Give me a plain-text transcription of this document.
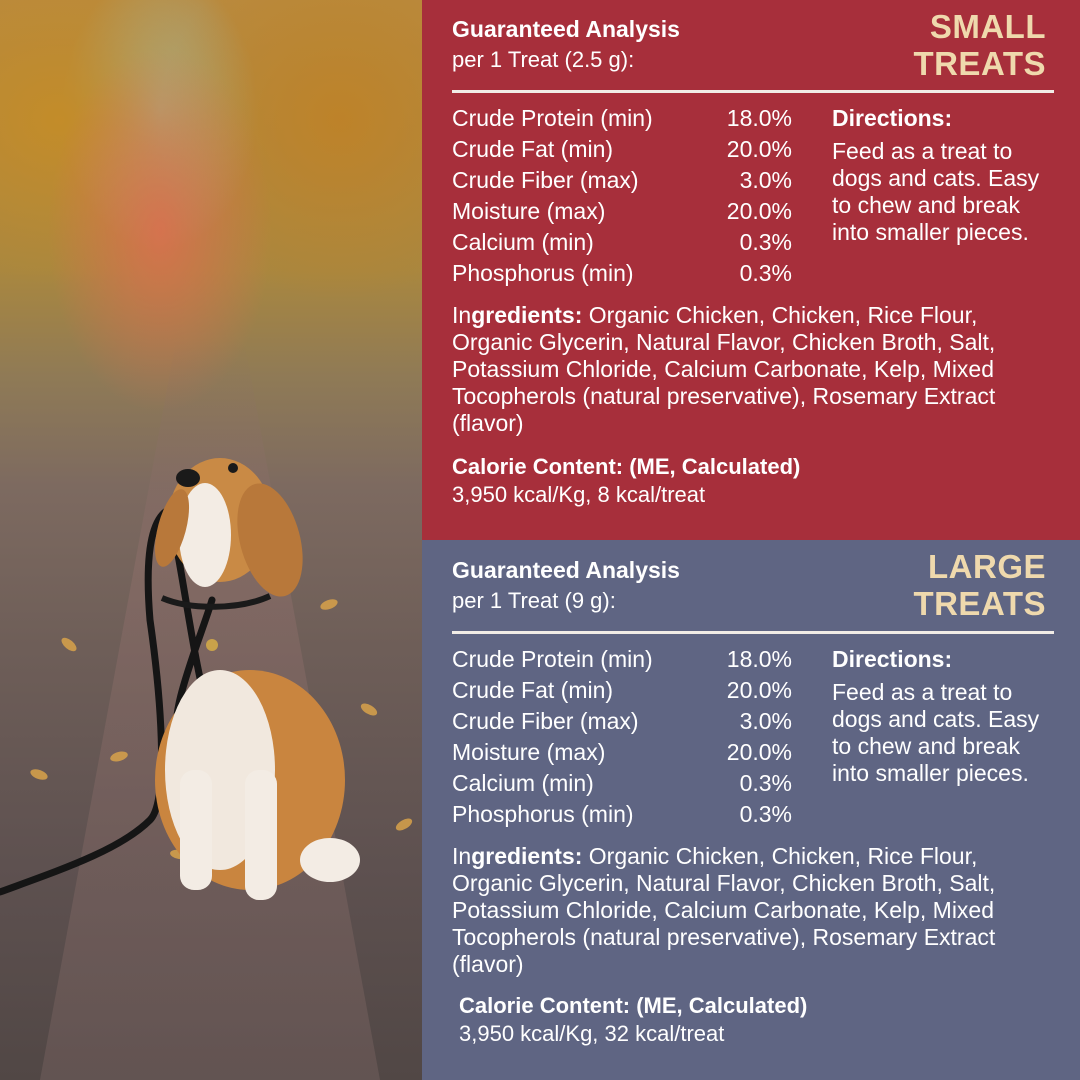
Guaranteed Analysis
per 1 Treat (2.5 g):
SMALL
TREATS
Crude Protein (min)	18.0%
Crude Fat (min)	20.0%
Crude Fiber (max)	3.0%
Moisture (max)	20.0%
Calcium (min)	0.3%
Phosphorus (min)	0.3%
Directions:
Feed as a treat to dogs and cats. Easy to chew and break into smaller pieces.
Ingredients: Organic Chicken, Chicken, Rice Flour, Organic Glycerin, Natural Flavor, Chicken Broth, Salt, Potassium Chloride, Calcium Carbonate, Kelp, Mixed Tocopherols (natural preservative), Rosemary Extract (flavor)
Calorie Content: (ME, Calculated)
3,950 kcal/Kg, 8 kcal/treat
Guaranteed Analysis
per 1 Treat (9 g):
LARGE
TREATS
Crude Protein (min)	18.0%
Crude Fat (min)	20.0%
Crude Fiber (max)	3.0%
Moisture (max)	20.0%
Calcium (min)	0.3%
Phosphorus (min)	0.3%
Directions:
Feed as a treat to dogs and cats. Easy to chew and break into smaller pieces.
Ingredients: Organic Chicken, Chicken, Rice Flour, Organic Glycerin, Natural Flavor, Chicken Broth, Salt, Potassium Chloride, Calcium Carbonate, Kelp, Mixed Tocopherols (natural preservative), Rosemary Extract (flavor)
Calorie Content: (ME, Calculated)
3,950 kcal/Kg, 32 kcal/treat
